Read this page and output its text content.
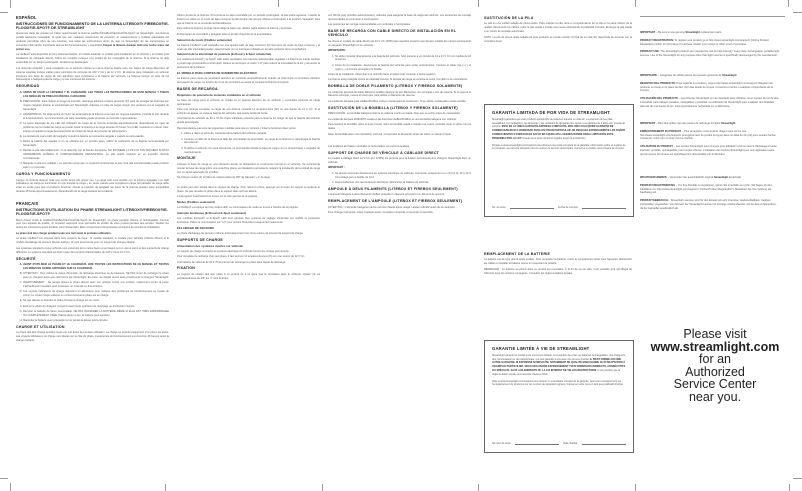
ESPAÑOL
INSTRUCCIONES DE FUNCIONAMIENTO DE LA LINTERNA LITEBOX®/ FIREBOX®/E-FLOOD®/E-SPOT® DE STREAMLIGHT

Queremos darle las gracias por haber seleccionado la linterna LiteBox®/FireBox®/E-Flood®/E-Spot® de Streamlight, una linterna portátil resistente recargable. Al igual que con cualquier instrumento de precisión, el mantenimiento y cuidado adecuados del producto permitirán años de uso continuo. Lea todas las instrucciones antes de usar su Streamlight. En las instrucciones se encuentra información importante acerca del funcionamiento y seguridad. Cargue la linterna durante toda una noche antes del primer uso.

La LiteBox® está disponible en tres sistemas básicos: el modelo estándar, el modelo para instalación en el vehículo y el modelo para instalación de cableado directo. Todos los modelos incluyen una unidad de luz recargable de la linterna. Si la linterna se deja encendida por un tiempo prolongado, la batería se descargará.

Los sistemas estándar y para instalación en el vehículo utilizan la misma linterna básica pero con bases de carga diferentes. El sistema estándar incluye cables para suministro de corriente de 120 V CA y de 12 V CC. El sistema para instalación en vehículo incorpora una base de carga de tres alambres para conectarse a la batería del vehículo. La linterna incluye un tubo de luz fluorescente o halógena para la carga y el uso continuos del sistema.

SEGURIDAD
A. ANTES DE USAR LA LINTERNA Y EL CARGADOR, LEA TODAS LAS INSTRUCCIONES DE ESTE MANUAL Y TODAS LAS SEÑALES DE PRECAUCIÓN DEL CARGADOR.
B. PRECAUCIÓN: Para reducir el riesgo de incendio, descarga eléctrica o lesión personal, NO trate de recargar las linternas con ningún cargador distinto al suministrado por Streamlight. Además, no trate de cargar ningún otro producto con el cargador de Streamlight.
C. ADVERTENCIA: No dirija nunca por la luz de la lámpara de la linterna a los ojos sin ninguna superficie, incluida la piel, durante el funcionamiento. La concentración de calor resultante puede provocar un incendio o quemaduras.
D. La cama alternada de los LED del indicador de carga de la linterna encienda alternativamente dependiendo en caso de problema con la unidad de carga se puede retirar la linterna a la carga durante 24 horas. Si el LED mantiene un mismo color, intente completar la carga desconectando la unidad de carga de la fuente de alimentación.
E. La carcasa de cuero LED del cargador cuando la batería se encuentra cargada o cuando se está usando.
F. Retire la batería del aparato si no se utilizará por un periodo largo. Utilice la sustitución de la batería recomendada por Streamlight.
G. Recicle la pila adecuadamente, no la deseche con la basura doméstica. NO INCINERE LA PILA NI TAN SIQUIERA SI ESTÁ GRAVEMENTE DAÑADA O COMPLETAMENTE DESGASTADA. La pila puede explotar en un incendio. Recicle correctamente.
H. Manipule la pila con cuidado y no permita nunca que un producto cortocircuite la pila. Una pila cortocircuitada puede producir calor o un incendio.
CARGA Y FUNCIONAMIENTO

Cargue su linterna durante toda una noche antes del primer uso. La carga sólo será posible con la linterna apagada. Los LED indicadores de carga se iluminarán en rojo durante la carga y en verde cuando esté completa la carga. El indicador de carga debe estar en verde para que el producto funcione. Desde la posición de apagado las luces de la linterna pueden estar encendidas durante 28 horas aproximadamente, dependiendo de la carga restante de la batería.

FRANÇAIS
INSTRUCTIONS D'UTILISATION DU PHARE STREAMLIGHT LITEBOX®/FIREBOX®/E-FLOOD®/E-SPOT®

Merci d'avoir choisi le LiteBox®/FireBox®/E-Flood®/E-Spot® de Streamlight, un phare portable robuste et rechargeable. Comme pour tout appareil de qualité, un entretien approprié vous permettra de profiter de votre produit pendant des années. Veuillez lire toutes les instructions avant d'utiliser votre Streamlight. Elles comprennent d'importantes consignes de sécurité et d'utilisation.

Le phare doit être chargé pendant toute une nuit avant la première utilisation.

Le phare LiteBox® est proposé dans trois versions de base : le modèle standard, le modèle pour véhicule (Vehicle Mount) et le modèle d'éclairage de secours (Power Failure). Ils sont tous fournis avec un support de charge pratique.

Les systèmes standard et pour véhicule sont construits de la même façon et se basent sur un même corps et des supports de charge différents. Le système standard est fourni avec des cordons d'alimentation de 120 V CA et 12 V CC.

SÉCURITÉ
A. AVANT D'UTILISER LE PHARE ET LE CHARGEUR, LIRE TOUTES LES INSTRUCTIONS DE CE MANUEL ET TOUTES LES MISES EN GARDE APPOSÉES SUR LE CHARGEUR.
B. ATTENTION : Pour réduire le risque d'incendie, de décharge électrique ou de blessure, NE PAS tenter de recharger le phare avec un chargeur autre que celui fourni par Streamlight. En outre, ne charger aucun autre produit avec le chargeur Streamlight.
C. AVERTISSEMENT : Ne jamais laisser le phare allumé avec son optique contre une surface, notamment contre la peau. L'échauffement résultant peut provoquer un incendie ou des brûlures.
D. Les voyants indicateurs de charge clignotent en alternance pour indiquer des problèmes de fonctionnement au niveau du circuit. Le voyant rouge s'allume en continu lorsque le phare est en charge.
E. Ne pas allumer et éteindre le phare lorsque la charge est en cours.
F. Enlever le phare du chargeur (support) avant toute opération de nettoyage ou d'entretien courant.
G. Recycler la batterie de façon responsable. NE PAS INCINÉRER LA BATTERIE MÊME SI ELLE EST TRÈS ENDOMMAGÉE OU COMPLÈTEMENT USÉE. Placée dans un feu, la batterie peut exploser.
H. Manipuler la batterie avec précaution et ne jamais la laisser court-circuiter.
CHARGE ET UTILISATION

Le phare doit être chargé pendant toute une nuit avant la première utilisation. La charge se produit uniquement si le phare est éteint. Les voyants indicateurs de charge sont placés sur le côté du phare. L'autonomie de fonctionnement est d'environ 28 heures selon la charge restante.

Ahorre la pila de la linterna. Si la linterna se deja encendida por un periodo prolongado, la pila podrá agotarse. Cuando la linterna se utilice en el modo de bajo consumo la pila durará más tiempo. Mueva el interruptor a la posición "apagado" para que la linterna no se encienda accidentalmente.

Para utilizar la linterna, empuje hacia abajo la base roja, deslice hacia delante la linterna y levántela.

El interruptor de encendido y apagado está en el lado izquierdo de la empuñadura.

Selección de modo (FireBox solamente)

La linterna FireBox® está equipada con tres ajustes LED de bajo consumo. El interruptor de modo de bajo consumo y el modo de alta intensidad pueden seleccionarse con el interruptor ubicado en la parte posterior de la empuñadura.

Selección de la intensidad de potencia (E-Flood y E-Spot solamente)

Los modelos E-Flood® y E-Spot® LED están equipados con potencia seleccionable regulada. La linterna se puede cambiar a modo bajo presionando el interruptor. Mueva el interruptor al modo "LO" para reducir la intensidad de la luz y aumentar la autonomía de la batería.

EL MODELO PARA CORTES DE SUMINISTRO ELÉCTRICO

La linterna para cortes de suministro eléctrico se enciende automáticamente cuando se interrumpe el suministro eléctrico del soporte de carga. La función de corte de suministro se activa al conectar la linterna al soporte.

BASES DE RECARGA
Requisitos de potencia de sistemas instalados en el vehículo

La base de carga para el vehículo se instala en el sistema eléctrico de un vehículo y suministra potencia de carga permanente.

Para una recarga completa, la carga de una linterna necesita 14 amperios-hora (Ah) en una fuente de 12 V CC. Si el vehículo se apaga, se carga la batería del vehículo, que puede tardar 24 horas.

Una batería de vehículo de 60 a 70 Ah ofrece suficiente potencia para la linterna sin riesgo de que la batería del vehículo quede descargada.

Recomendamos que tome las siguientes medidas para que su vehículo y linterna funcionen bien juntos:

1. Utilice a diario el vehículo, manteniendo la batería del vehículo cargada.
2. Conecte el cable de la linterna al lado del conmutador de encendido. La carga de la linterna no descargará la batería del vehículo.
3. Si utiliza el vehículo con poca frecuencia, se recomienda instalar la base de carga con un temporizador o cargador de mantenimiento.
MONTAJE

Coloque la base de carga en una ubicación donde no obstaculice el movimiento normal en el vehículo. Se recomienda montar la base de carga sobre una superficie plana. La instalación permanente requiere la instalación de la unidad de carga con un ajuste adecuado de tornillos.

Se incluyen cuatro (4) tornillos de cabeza plana de 3/8" de diámetro y 1" de largo.

Le phare peut être stocké dans le support de charge. Pour retirer le phare, appuyer sur le levier du support et soulever le phare. Ne pas remettre le phare dans le support alors qu'il est allumé.

L'interrupteur marche/arrêt se trouve sur le côté gauche de la poignée.

Modes (FireBox seulement)

Le FireBox® est équipé de trois modes LED. Le commutateur de mode se trouve à l'arrière de la poignée.

Intensité lumineuse (E-Flood et E-Spot seulement)

Les modèles E-Flood® et E-Spot® LED sont équipés d'un système de réglage d'intensité qui modifie la puissance lumineuse. Placer le commutateur sur "LO" pour réduire l'intensité et augmenter l'autonomie.

ÉCLAIRAGE DE SECOURS

Le phare d'éclairage de secours s'allume automatiquement lors d'une panne de courant du support de charge.

SUPPORTS DE CHARGE
Alimentation des systèmes montés sur véhicule

Le support de charge connecté au système électrique du véhicule fournit une charge permanente.

Pour compléter la recharge d'un seul phare, il faut environ 14 ampères-heures (Ah) sur une source de 12 V CC.

Une batterie de véhicule de 60 à 70 Ah permet de recharger le phare sans risque de décharge.

FIXATION

Le support de charge doit être placé à un endroit où il ne gêne pas la circulation dans le véhicule. Quatre (4) vis autotaraudeuses de 3/8" sur 1" sont fournies.

con 3/8 de pulg (tornillos autoroscantes); utilícelos para asegurar la base de carga del vehículo. Los accesorios de montaje recomendados se enumeran a continuación.

Las posiciones de montaje recomendadas son verticales u horizontales.

BASE DE RECARGA CON CABLE DIRECTO DE INSTALACIÓN EN EL VEHÍCULO

Se ofrece el modelo de cable directo de 12 V CC 12050 para aquellos usuarios que deseen instalar de manera permanente un cargador Streamlight en su vehículo.

IMPORTANTE:

1. No debe conectar directamente a la batería del vehículo. Sólo conecte a un circuito de 12 a 14 V CC con fusible de 10 amperios.
2. Antes de la instalación, desconecte la batería del vehículo para evitar cortocircuitos. Conecte el cable rojo (+) y el negro (−) al circuito protegido por fusible.

Antes de la instalación, determine si el vehículo tiene el sistema de conexión a tierra negativo.

La linterna está protegida contra la polaridad inversa. Si la base de carga se conecta al revés, los LED no se encenderán.

BOMBILLA DE DOBLE FILAMENTO (LITEBOX Y FIREBOX SOLAMENTE)

La unidad de lámpara de doble filamento LiteBox dispone de dos filamentos: uno principal y otro de reserva. Si se quema el filamento principal, mueva el interruptor para utilizar el filamento de reserva.

La unidad de lámpara para LiteBox/FireBox incluye una lámpara de sustitución. Si se utiliza, sustitúyala lo antes posible.

SUSTITUCIÓN DE LA BOMBILLA (LITEBOX Y FIREBOX SOLAMENTE)

PRECAUCIÓN: La bombilla halógena interna se calienta mucho al usarla. Deje que se enfríe antes de manipularla.

La unidad de lámpara FIRE BOX usada en las linternas LiteBox/FireBox es una bombilla halógena con reflector.

Para sustituir la bombilla, retire el lente frontal, retire la bombilla usada e instale una nueva, evitando tocar el vidrio con los dedos.

Nota: la bombilla tiene una orientación correcta. Compruebe la alineación antes de volver a colocar el lente.

Les positions de fixation verticales et horizontales sont recommandées.

SUPPORT DE CHARGE DE VÉHICULE À CÂBLAGE DIRECT

Le modèle à câblage direct 12 V CC (réf. 12050) est proposé pour la fixation permanente d'un chargeur Streamlight dans un véhicule.

IMPORTANT :

1. Ne jamais connecter directement au système électrique du véhicule. Connecter uniquement à un circuit de 12 à 14 V CC protégé par un fusible de 10 A.
2. Avant d'effectuer tout raccordement électrique, débrancher la batterie du véhicule.
AMPOULE À DEUX FILAMENTS (LITEBOX ET FIREBOX SEULEMENT)

L'ampoule halogène à deux filaments LiteBox possède un filament principal et un filament de secours.

REMPLACEMENT DE L'AMPOULE (LITEBOX ET FIREBOX SEULEMENT)

ATTENTION : L'ampoule halogène interne est très chaude après usage. Laisser refroidir avant de la manipuler.

Pour changer l'ampoule, retirer l'optique avant, remplacer l'ampoule et remonter l'ensemble.

SUSTITUCIÓN DE LA PILA

La pila es una unidad sellada de plomo-ácido. Para sustituir la pila, abra el compartimiento de la pila en la parte inferior de la unidad, desconecte los cables, retire la pila usada e instale una nueva observando la polaridad correcta. Entregue la pila usada a un centro de reciclaje autorizado.

NOTA: La pila de plomo ácido sellada de este producto se puede reciclar. Al final de su vida útil, deséchela de acuerdo con la normativa local.

GARANTÍA LIMITADA DE POR VIDA DE STREAMLIGHT

Streamlight garantiza que este producto estará libre de defectos durante su vida útil, a excepción de las pilas recargables, los cargadores, las lámparas y las unidades de lámparas que tienen una garantía de 2 años con prueba de compra. ESTA ES LA ÚNICA GARANTÍA EXPRESA O IMPLÍCITA, INCLUIDA CUALQUIER GARANTÍA DE COMERCIABILIDAD O IDONEIDAD PARA UN FIN EN PARTICULAR. SE RECHAZA EXPRESAMENTE LOS DAÑOS CONSECUENTES O ESPECIALES SALVO EN AQUELLOS LUGARES DONDE DICHA LIMITACIÓN ESTÉ PROHIBIDA POR LA LEY. Puede tener otros derechos legales según la jurisdicción.

Diríjase a www.streamlight.com/support para obtener una copia completa de la garantía, información sobre el registro de su producto, así como la ubicación de los centros de servicio autorizados. Conserve su recibo como prueba de compra.

No. de serie:	Fecha de compra:
REMPLACEMENT DE LA BATTERIE

La batterie est de type plomb-acide scellée. Pour remplacer la batterie, ouvrir le compartiment situé sous l'appareil, débrancher les câbles et installer la batterie neuve en respectant la polarité.

REMARQUE : La batterie au plomb dans ce produit est recyclable. À la fin de sa vie utile, il est possible qu'il soit illégal de l'éliminer avec les ordures ménagères. Consulter les réglementations locales.

GARANTIE LIMITÉE À VIE DE STREAMLIGHT

Streamlight garantit ce produit à vie contre les défauts, à l'exception des piles ou batteries rechargeables, des chargeurs, des commutateurs et de l'électronique, qui sont garantis 2 ans avec une preuve d'achat. IL N'EST DONNÉ AUCUNE AUTRE GARANTIE, NI EXPRESSE NI IMPLICITE, NOTAMMENT DE QUALITÉ MARCHANDE OU D'ADAPTATION À UN EMPLOI PARTICULIER. NOUS DÉCLINONS EXPRESSÉMENT TOUS DOMMAGES INDIRECTS, CONSÉCUTIFS OU SPÉCIAUX, SAUF AUX ENDROITS OÙ LA LOI INTERDIT DE TELLES RESTRICTIONS. Il est possible que la réglementation locale vous accorde d'autres droits.

Allez à www.streamlight.com/support pour obtenir un exemplaire complet de la garantie, pour tout renseignement sur l'enregistrement du produit et sur les centres de réparation agréés. Conserver votre reçu en tant que justificatif d'achat.

Numéro de série:	Date d'achat:

IMPORTANT – Be sure to use genuine Streamlight replacement parts.

PRODUCT REGISTRATION: To register your product go to http://www.streamlight.com/support/ (Online Product Registration) within ten (10) days of purchase. Retain your receipt or other proof of purchase.

PRODUCT USE: The Streamlight products are intended for use as high intensity, heavy duty, rechargeable, portable light sources. Use of the Streamlight for any purpose other than light sources is specifically discouraged by the manufacturer.

IMPORTANTE – Asegúrese de utilizar piezas de repuesto genuinas de Streamlight

REGISTRO DEL PRODUCTO: Para registrar su producto, vaya a http://www.streamlight.com/support/ (Registro del producto en línea) en el plazo de diez (10) días desde la compra. Conserve el recibo o cualquier comprobante de la compra.

UTILIZACIÓN DEL PRODUCTO – Las linternas Streamlight se han diseñado para utilizarse como fuentes de luz de alta intensidad, para trabajos pesados, recargables y portátiles. La utilización de Streamlight para cualquier otra finalidad, además de una fuente de luz, está especialmente rechazada por el fabricante.

IMPORTANT – Bien faut utiliser que des pièces de rechange d'origine Streamlight

ENREGISTREMENT DU PRODUIT – Pour enregistrer votre produit, dirigez-vous vers le site http://www.streamlight.com/support/ (enregistrement du produit en ligne) dans un délai de dix (10) jours suivant l'achat. Conservez votre reçu ou toute preuve d'achat.

UTILISATION DU PRODUIT – Les torches Streamlight sont conçues pour utilisation comme source d'éclairage à haute intensité, portable, rechargeable, pour emploi robuste. L'utilisation des torches Streamlight pour une application autre qu'une source de lumière est spécifiquement déconseillée par le fabricant.

WICHTIGER HINWEIS – Verwenden Sie ausschließlich original Streamlight Ersatzteile.

PRODUKT-REGISTRIERUNG – Um Ihre Produkt zu registrieren, gehen Sie innerhalb von zehn (10) Tagen ab dem Kaufdatum zu http://www.streamlight.com/support/ ("Online Product Registration"). Bewahren Sie Ihre Quittung als Kaufbeleg auf.

PRODUKTGEBRAUCH – Streamlight-Lampen sind für den Einsatz als sehr intensive, wiederaufladbare, tragbare Lichtquellen vorgesehen. Vom Einsatz der Streamlight-Lampen für sonstige andere Zwecke, als die des Lichtspenders, rät der Hersteller ausdrücklich ab.

Please visit
www.streamlight.com
for an
Authorized
Service Center
near you.
